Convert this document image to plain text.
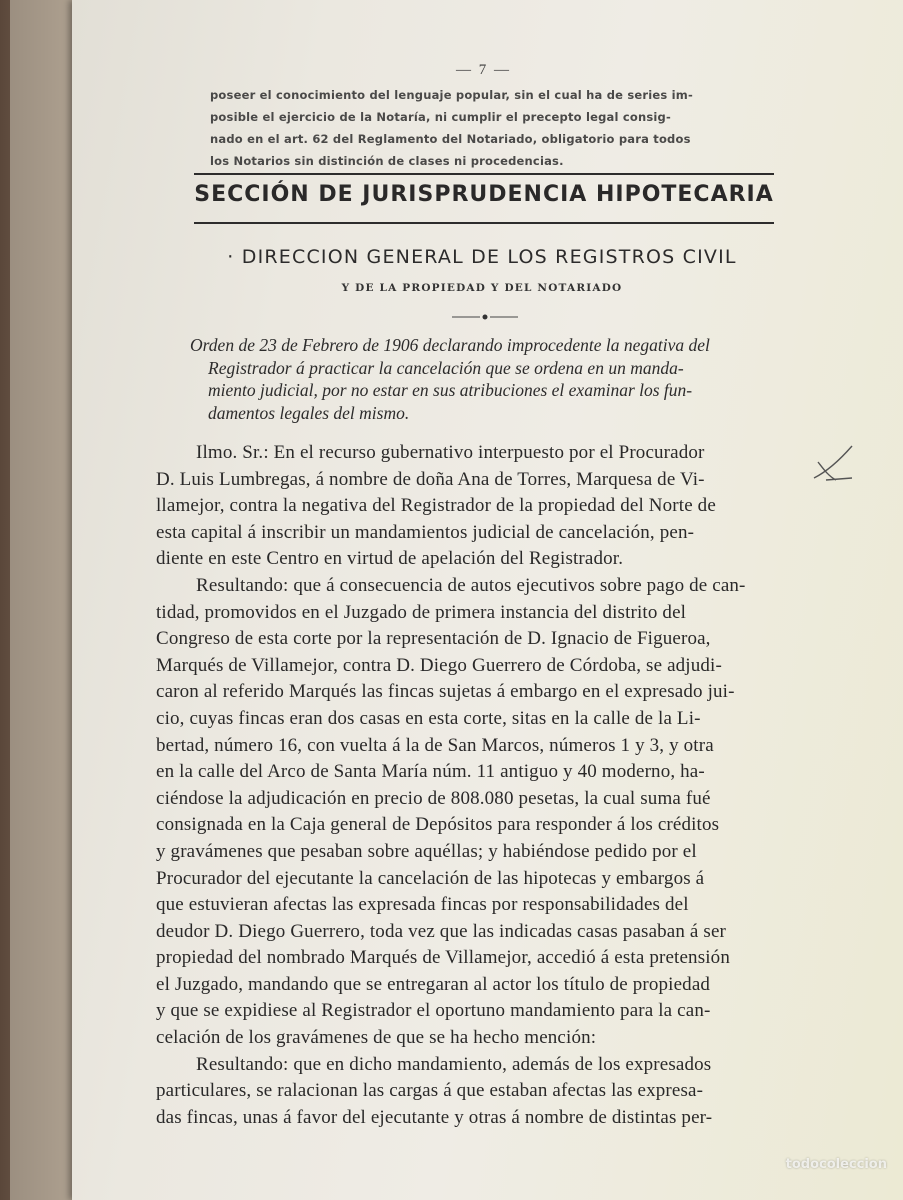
— 7 —
poseer el conocimiento del lenguaje popular, sin el cual ha de series im-
posible el ejercicio de la Notaría, ni cumplir el precepto legal consig-
nado en el art. 62 del Reglamento del Notariado, obligatorio para todos
los Notarios sin distinción de clases ni procedencias.
SECCIÓN DE JURISPRUDENCIA HIPOTECARIA
· DIRECCION GENERAL DE LOS REGISTROS CIVIL
Y DE LA PROPIEDAD Y DEL NOTARIADO
Orden de 23 de Febrero de 1906 declarando improcedente la negativa del
Registrador á practicar la cancelación que se ordena en un manda-
miento judicial, por no estar en sus atribuciones el examinar los fun-
damentos legales del mismo.
Ilmo. Sr.: En el recurso gubernativo interpuesto por el Procurador
D. Luis Lumbregas, á nombre de doña Ana de Torres, Marquesa de Vi-
llamejor, contra la negativa del Registrador de la propiedad del Norte de
esta capital á inscribir un mandamientos judicial de cancelación, pen-
diente en este Centro en virtud de apelación del Registrador.
Resultando: que á consecuencia de autos ejecutivos sobre pago de can-
tidad, promovidos en el Juzgado de primera instancia del distrito del
Congreso de esta corte por la representación de D. Ignacio de Figueroa,
Marqués de Villamejor, contra D. Diego Guerrero de Córdoba, se adjudi-
caron al referido Marqués las fincas sujetas á embargo en el expresado jui-
cio, cuyas fincas eran dos casas en esta corte, sitas en la calle de la Li-
bertad, número 16, con vuelta á la de San Marcos, números 1 y 3, y otra
en la calle del Arco de Santa María núm. 11 antiguo y 40 moderno, ha-
ciéndose la adjudicación en precio de 808.080 pesetas, la cual suma fué
consignada en la Caja general de Depósitos para responder á los créditos
y gravámenes que pesaban sobre aquéllas; y habiéndose pedido por el
Procurador del ejecutante la cancelación de las hipotecas y embargos á
que estuvieran afectas las expresada fincas por responsabilidades del
deudor D. Diego Guerrero, toda vez que las indicadas casas pasaban á ser
propiedad del nombrado Marqués de Villamejor, accedió á esta pretensión
el Juzgado, mandando que se entregaran al actor los título de propiedad
y que se expidiese al Registrador el oportuno mandamiento para la can-
celación de los gravámenes de que se ha hecho mención:
Resultando: que en dicho mandamiento, además de los expresados
particulares, se ralacionan las cargas á que estaban afectas las expresa-
das fincas, unas á favor del ejecutante y otras á nombre de distintas per-
todocoleccion
